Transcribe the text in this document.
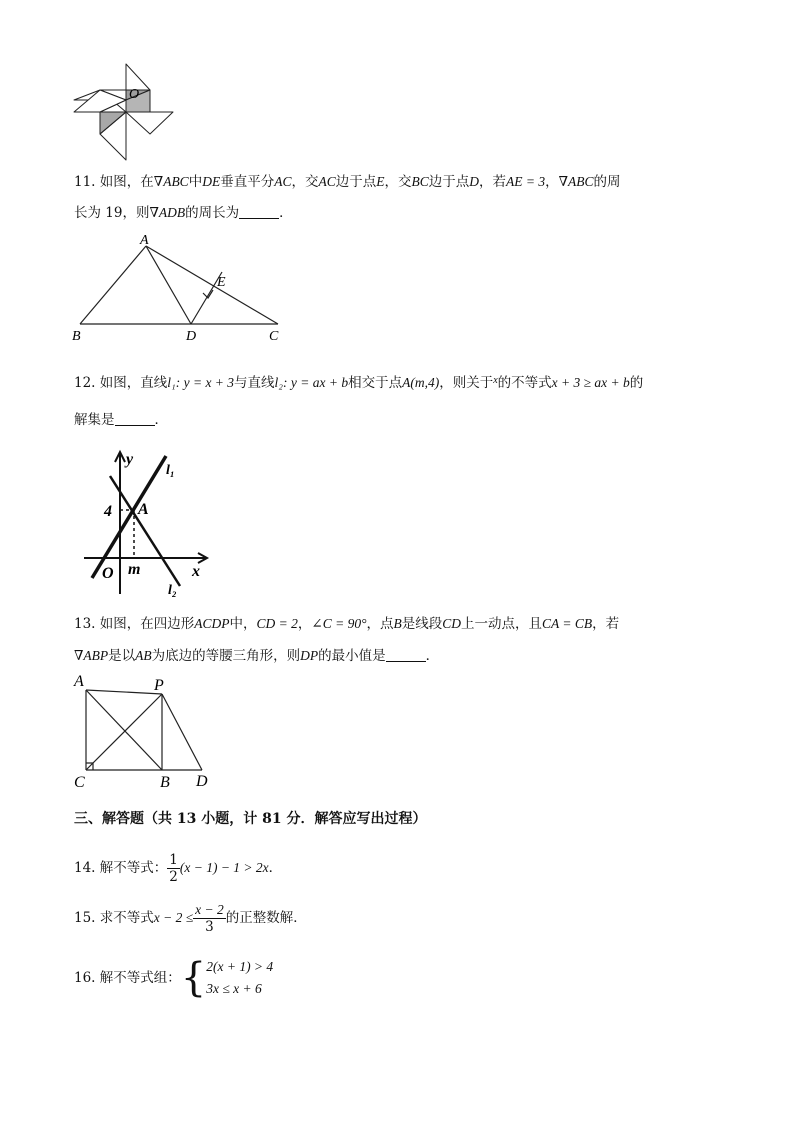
O
11. 如图，在∇ABC中DE垂直平分AC，交AC边于点E，交BC边于点D，若AE = 3，∇ABC的周
长为 19，则∇ADB的周长为	．
A
B	C
D
E
12. 如图，直线l₁: y = x + 3与直线l₂: y = ax + b相交于点A(m,4)，则关于$^x$的不等式x + 3 ≥ ax + b的
解集是	．
y
l₁
4 A
O m	x
l₂
13. 如图，在四边形ACDP中，CD = 2，∠C = 90°，点B是线段CD上一动点，且CA = CB，若
∇ABP是以AB为底边的等腰三角形，则DP的最小值是	．
A	P
C	B D
三、解答题（共 13 小题，计 81 分．解答应写出过程）
14. 解不等式： $\frac{1}{2} (x - 1) - 1 > 2x$ ．
15. 求不等式 $x - 2 \le \frac{x - 2}{3}$ 的正整数解．
16. 解不等式组： { 2(x + 1) > 4
3x ≤ x + 6
